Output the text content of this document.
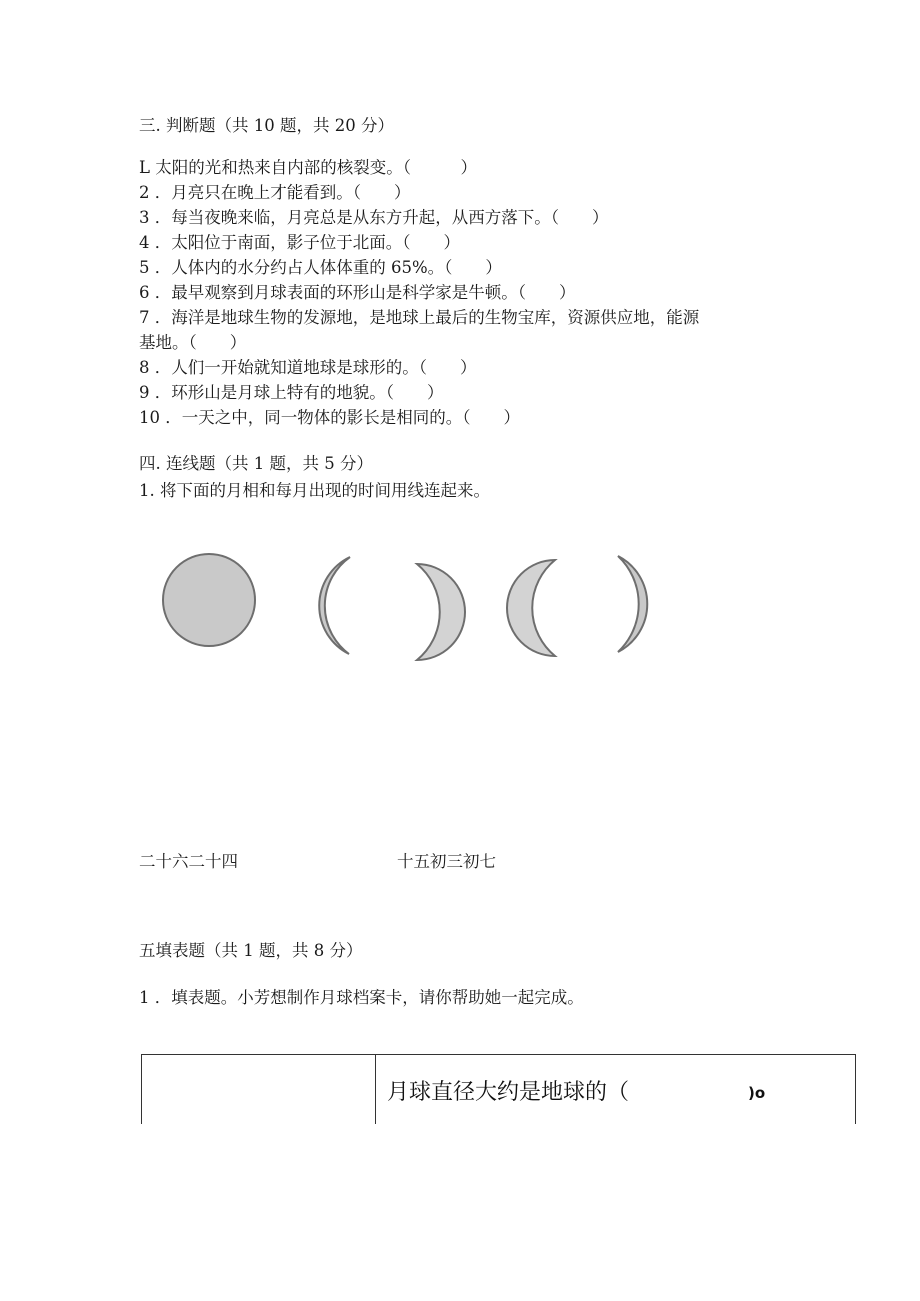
三. 判断题（共 10 题，共 20 分）
L 太阳的光和热来自内部的核裂变。（　　　）
2 ．月亮只在晚上才能看到。（　　）
3 ．每当夜晚来临，月亮总是从东方升起，从西方落下。（　　）
4 ．太阳位于南面，影子位于北面。（　　）
5 ．人体内的水分约占人体体重的 65%。（　　）
6 ．最早观察到月球表面的环形山是科学家是牛顿。（　　）
7 ．海洋是地球生物的发源地，是地球上最后的生物宝库，资源供应地，能源
基地。（　　）
8 ．人们一开始就知道地球是球形的。（　　）
9 ．环形山是月球上特有的地貌。（　　）
10 ．一天之中，同一物体的影长是相同的。（　　）
四. 连线题（共 1 题，共 5 分）
1. 将下面的月相和每月出现的时间用线连起来。
二十六二十四	十五初三初七
五填表题（共 1 题，共 8 分）
1 ．填表题。小芳想制作月球档案卡，请你帮助她一起完成。
月球直径大约是地球的（	)o
